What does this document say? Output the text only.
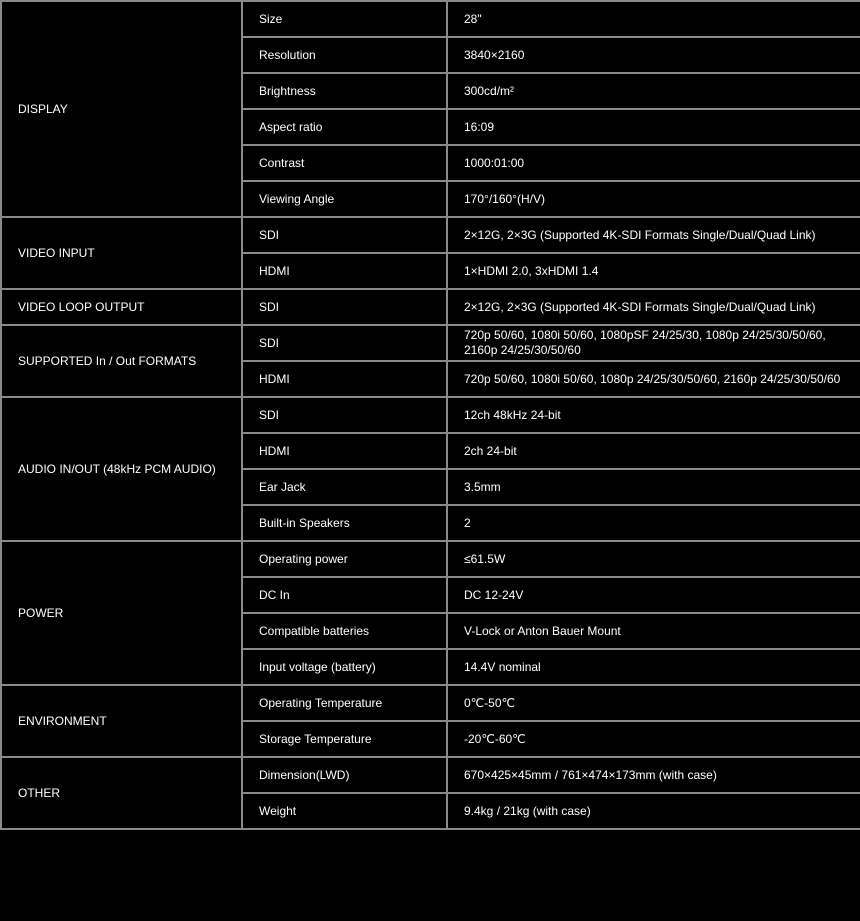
DISPLAY	Size	28"
	Resolution	3840×2160
	Brightness	300cd/m²
	Aspect ratio	16:09
	Contrast	1000:01:00
	Viewing Angle	170°/160°(H/V)
VIDEO INPUT	SDI	2×12G, 2×3G (Supported 4K-SDI Formats Single/Dual/Quad Link)
	HDMI	1×HDMI 2.0, 3xHDMI 1.4
VIDEO LOOP OUTPUT	SDI	2×12G, 2×3G (Supported 4K-SDI Formats Single/Dual/Quad Link)
SUPPORTED In / Out FORMATS	SDI	720p 50/60, 1080i 50/60, 1080pSF 24/25/30, 1080p 24/25/30/50/60, 2160p 24/25/30/50/60
	HDMI	720p 50/60, 1080i 50/60, 1080p 24/25/30/50/60, 2160p 24/25/30/50/60
AUDIO IN/OUT (48kHz PCM AUDIO)	SDI	12ch 48kHz 24-bit
	HDMI	2ch 24-bit
	Ear Jack	3.5mm
	Built-in Speakers	2
POWER	Operating power	≤61.5W
	DC In	DC 12-24V
	Compatible batteries	V-Lock or Anton Bauer Mount
	Input voltage (battery)	14.4V nominal
ENVIRONMENT	Operating Temperature	0℃-50℃
	Storage Temperature	-20℃-60℃
OTHER	Dimension(LWD)	670×425×45mm / 761×474×173mm (with case)
	Weight	9.4kg / 21kg (with case)
